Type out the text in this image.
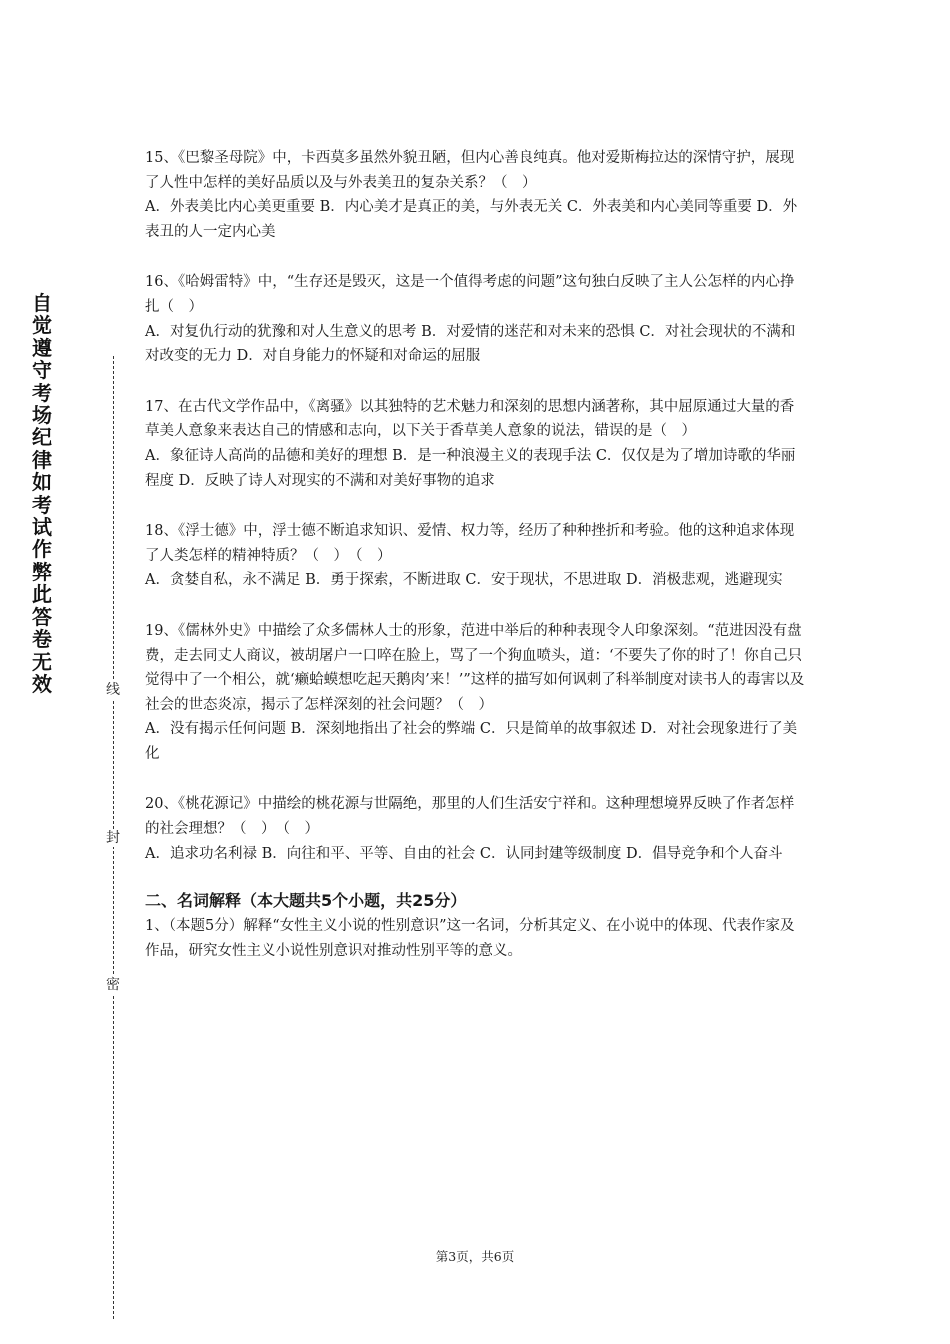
自
觉
遵
守
考
场
纪
律
如
考
试
作
弊
此
答
卷
无
效	线
封
密

15、《巴黎圣母院》中，卡西莫多虽然外貌丑陋，但内心善良纯真。他对爱斯梅拉达的深情守护，展现了人性中怎样的美好品质以及与外表美丑的复杂关系？（　）

A．外表美比内心美更重要 B．内心美才是真正的美，与外表无关 C．外表美和内心美同等重要 D．外表丑的人一定内心美

16、《哈姆雷特》中，“生存还是毁灭，这是一个值得考虑的问题”这句独白反映了主人公怎样的内心挣扎（　）

A．对复仇行动的犹豫和对人生意义的思考 B．对爱情的迷茫和对未来的恐惧 C．对社会现状的不满和对改变的无力 D．对自身能力的怀疑和对命运的屈服

17、在古代文学作品中，《离骚》以其独特的艺术魅力和深刻的思想内涵著称，其中屈原通过大量的香草美人意象来表达自己的情感和志向，以下关于香草美人意象的说法，错误的是（　）

A．象征诗人高尚的品德和美好的理想 B．是一种浪漫主义的表现手法 C．仅仅是为了增加诗歌的华丽程度 D．反映了诗人对现实的不满和对美好事物的追求

18、《浮士德》中，浮士德不断追求知识、爱情、权力等，经历了种种挫折和考验。他的这种追求体现了人类怎样的精神特质？（　）　（　）

A．贪婪自私，永不满足 B．勇于探索，不断进取 C．安于现状，不思进取 D．消极悲观，逃避现实

19、《儒林外史》中描绘了众多儒林人士的形象，范进中举后的种种表现令人印象深刻。“范进因没有盘费，走去同丈人商议，被胡屠户一口啐在脸上，骂了一个狗血喷头，道：‘不要失了你的时了！你自己只觉得中了一个相公，就‘癞蛤蟆想吃起天鹅肉’来！’”这样的描写如何讽刺了科举制度对读书人的毒害以及社会的世态炎凉，揭示了怎样深刻的社会问题？（　）

A．没有揭示任何问题 B．深刻地指出了社会的弊端 C．只是简单的故事叙述 D．对社会现象进行了美化

20、《桃花源记》中描绘的桃花源与世隔绝，那里的人们生活安宁祥和。这种理想境界反映了作者怎样的社会理想？（　）　（　）

A．追求功名利禄 B．向往和平、平等、自由的社会 C．认同封建等级制度 D．倡导竞争和个人奋斗

二、名词解释（本大题共5个小题，共25分）

1、（本题5分）解释“女性主义小说的性别意识”这一名词，分析其定义、在小说中的体现、代表作家及作品，研究女性主义小说性别意识对推动性别平等的意义。

第3页，共6页
